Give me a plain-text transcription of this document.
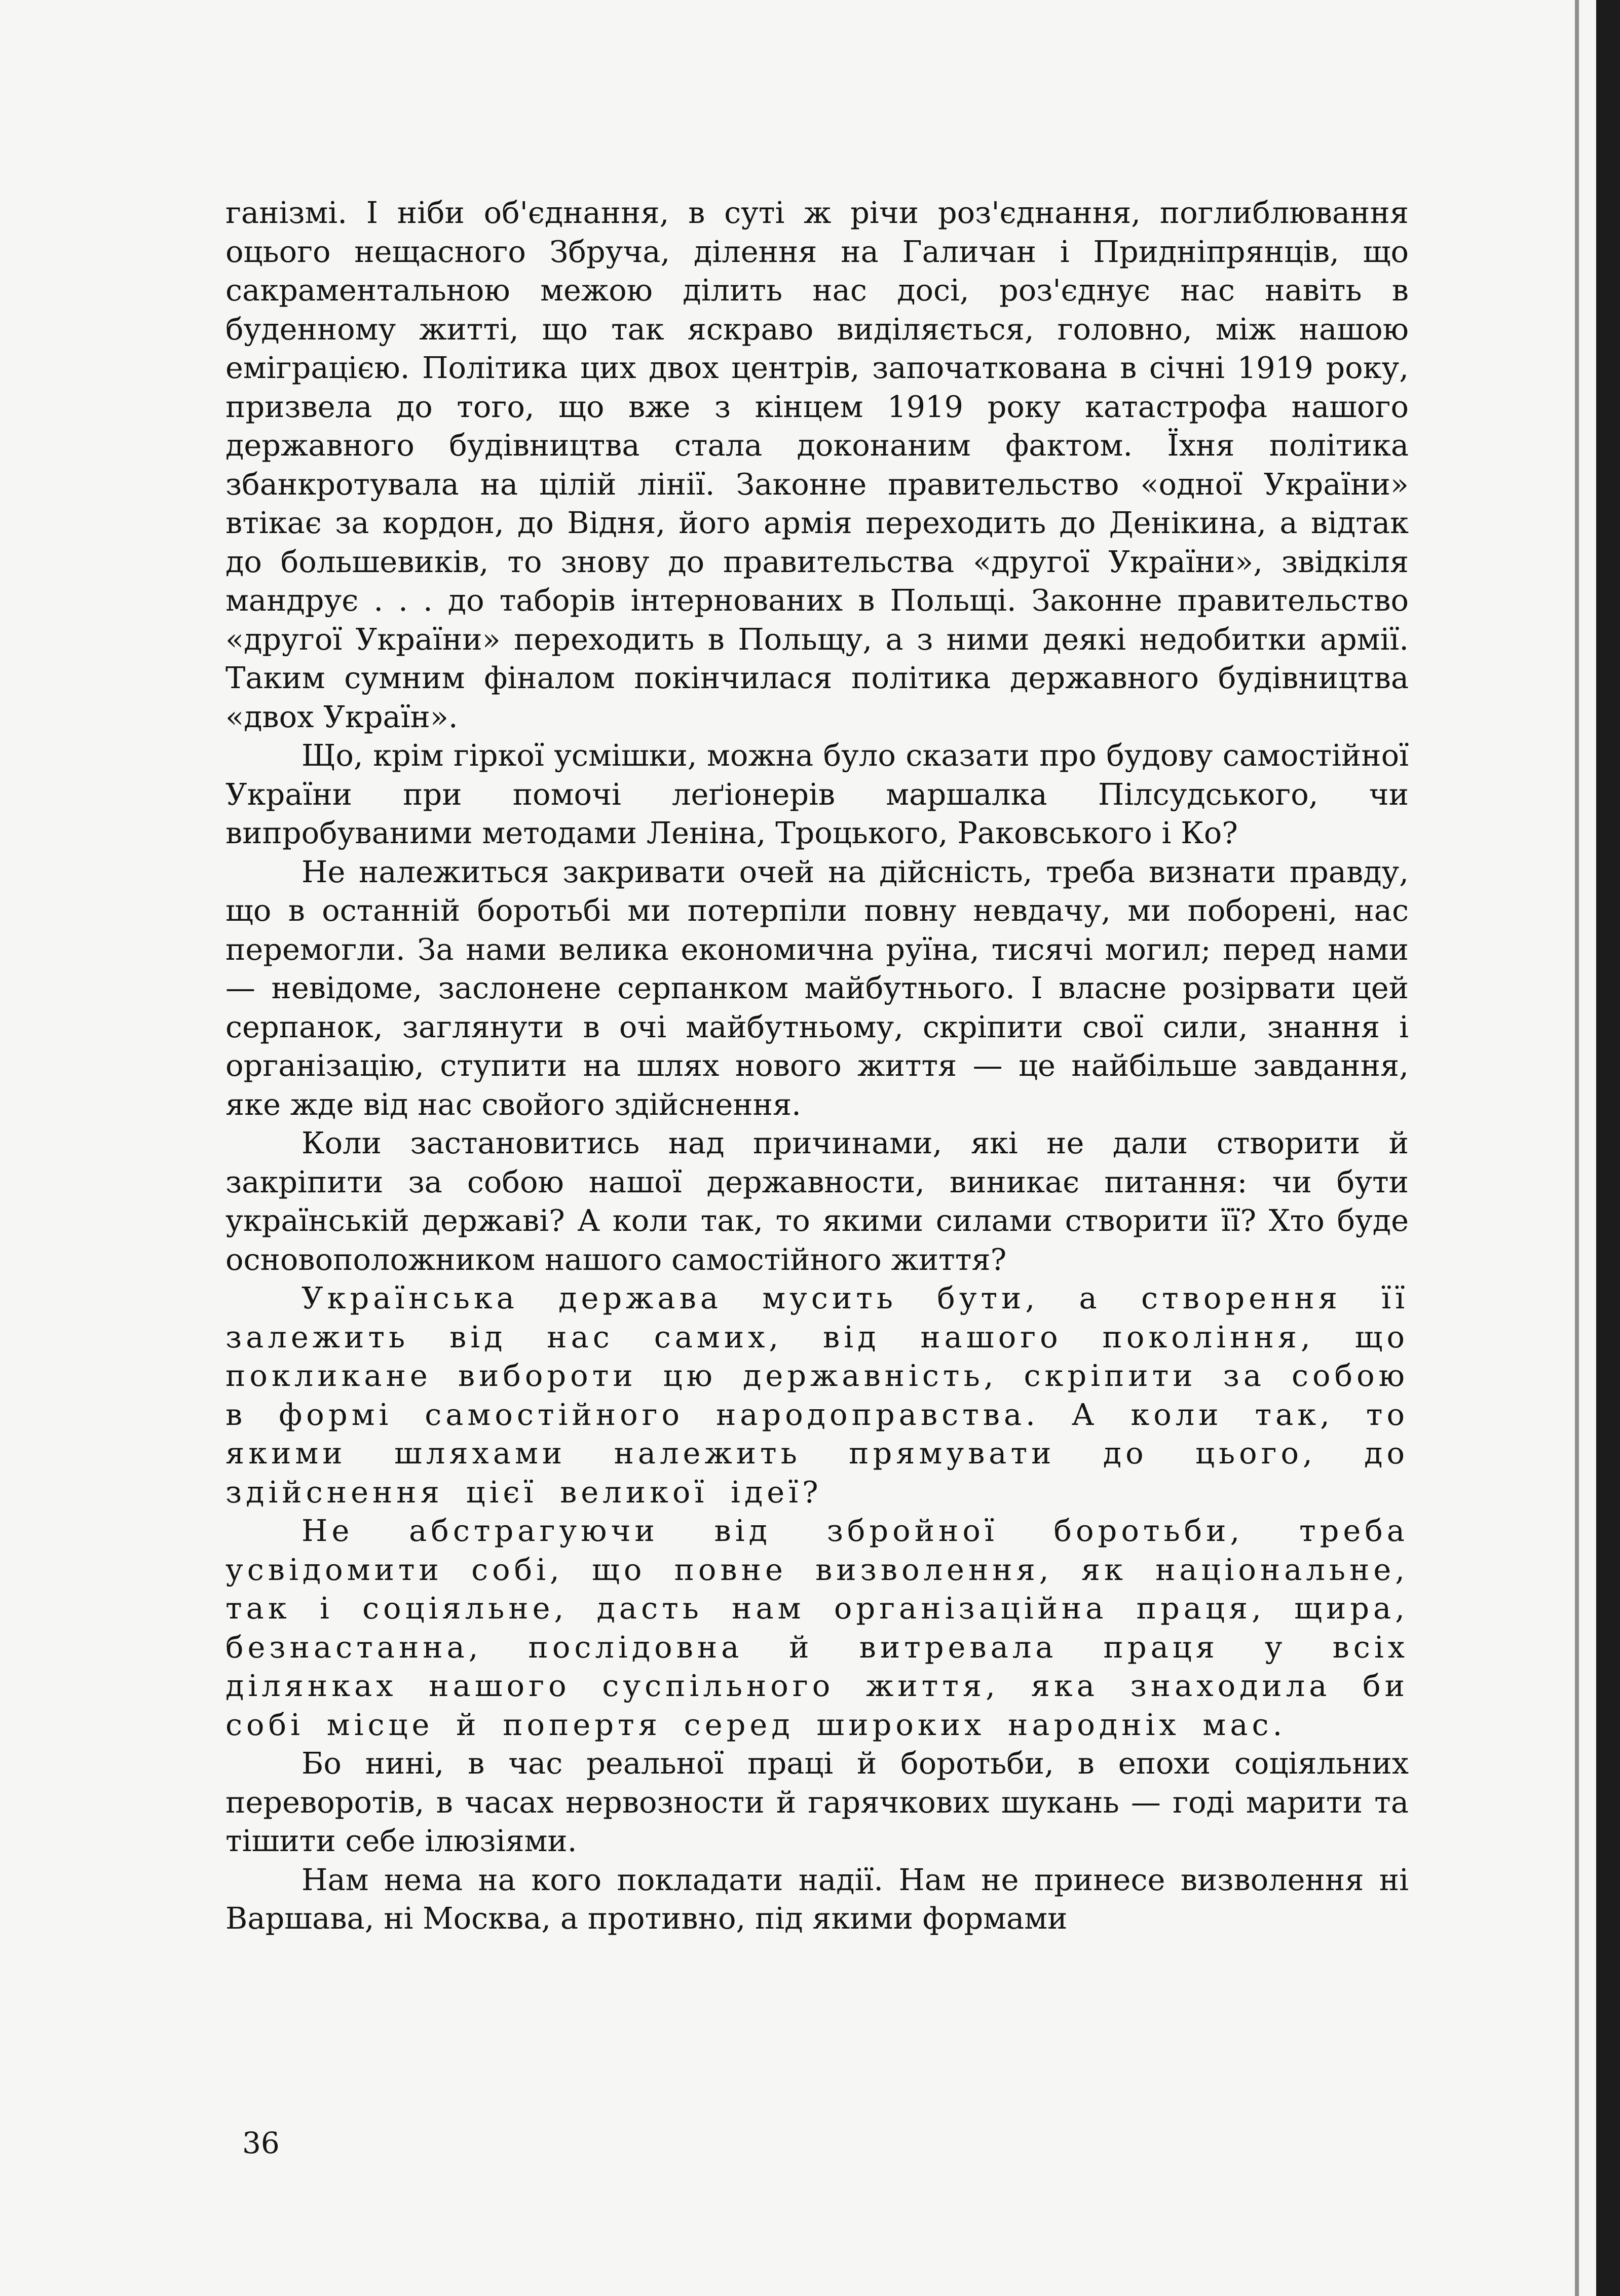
ганізмі. І ніби об'єднання, в суті ж річи роз'єднання, поглиблювання оцього нещасного Збруча, ділення на Галичан і Придніпрянців, що сакраментальною межою ділить нас досі, роз'єднує нас навіть в буденному житті, що так яскраво виділяється, головно, між нашою еміграцією. Політика цих двох центрів, започаткована в січні 1919 року, призвела до того, що вже з кінцем 1919 року катастрофа нашого державного будівництва стала доконаним фактом. Їхня політика збанкротувала на цілій лінії. Законне правительство «одної України» втікає за кордон, до Відня, його армія переходить до Денікина, а відтак до большевиків, то знову до правительства «другої України», звідкіля мандрує . . . до таборів інтернованих в Польщі. Законне правительство «другої України» переходить в Польщу, а з ними деякі недобитки армії. Таким сумним фіналом покінчилася політика державного будівництва «двох Україн».

Що, крім гіркої усмішки, можна було сказати про будову самостійної України при помочі леґіонерів маршалка Пілсудського, чи випробуваними методами Леніна, Троцького, Раковського і Ко?

Не належиться закривати очей на дійсність, треба визнати правду, що в останній боротьбі ми потерпіли повну невдачу, ми поборені, нас перемогли. За нами велика економична руїна, тисячі могил; перед нами — невідоме, заслонене серпанком майбутнього. І власне розірвати цей серпанок, заглянути в очі майбутньому, скріпити свої сили, знання і організацію, ступити на шлях нового життя — це найбільше завдання, яке жде від нас свойого здійснення.

Коли застановитись над причинами, які не дали створити й закріпити за собою нашої державности, виникає питання: чи бути українській державі? А коли так, то якими силами створити її? Хто буде основоположником нашого самостійного життя?

Українська держава мусить бути, а створення її залежить від нас самих, від нашого покоління, що покликане вибороти цю державність, скріпити за собою в формі самостійного народоправства. А коли так, то якими шляхами належить прямувати до цього, до здійснення цієї великої ідеї?

Не абстрагуючи від збройної боротьби, треба усвідомити собі, що повне визволення, як національне, так і соціяльне, дасть нам організаційна праця, щира, безнастанна, послідовна й витревала праця у всіх ділянках нашого суспільного життя, яка знаходила би собі місце й попертя серед широких народніх мас.

Бо нині, в час реальної праці й боротьби, в епохи соціяльних переворотів, в часах нервозности й гарячкових шукань — годі марити та тішити себе ілюзіями.

Нам нема на кого покладати надії. Нам не принесе визволення ні Варшава, ні Москва, а противно, під якими формами

36
